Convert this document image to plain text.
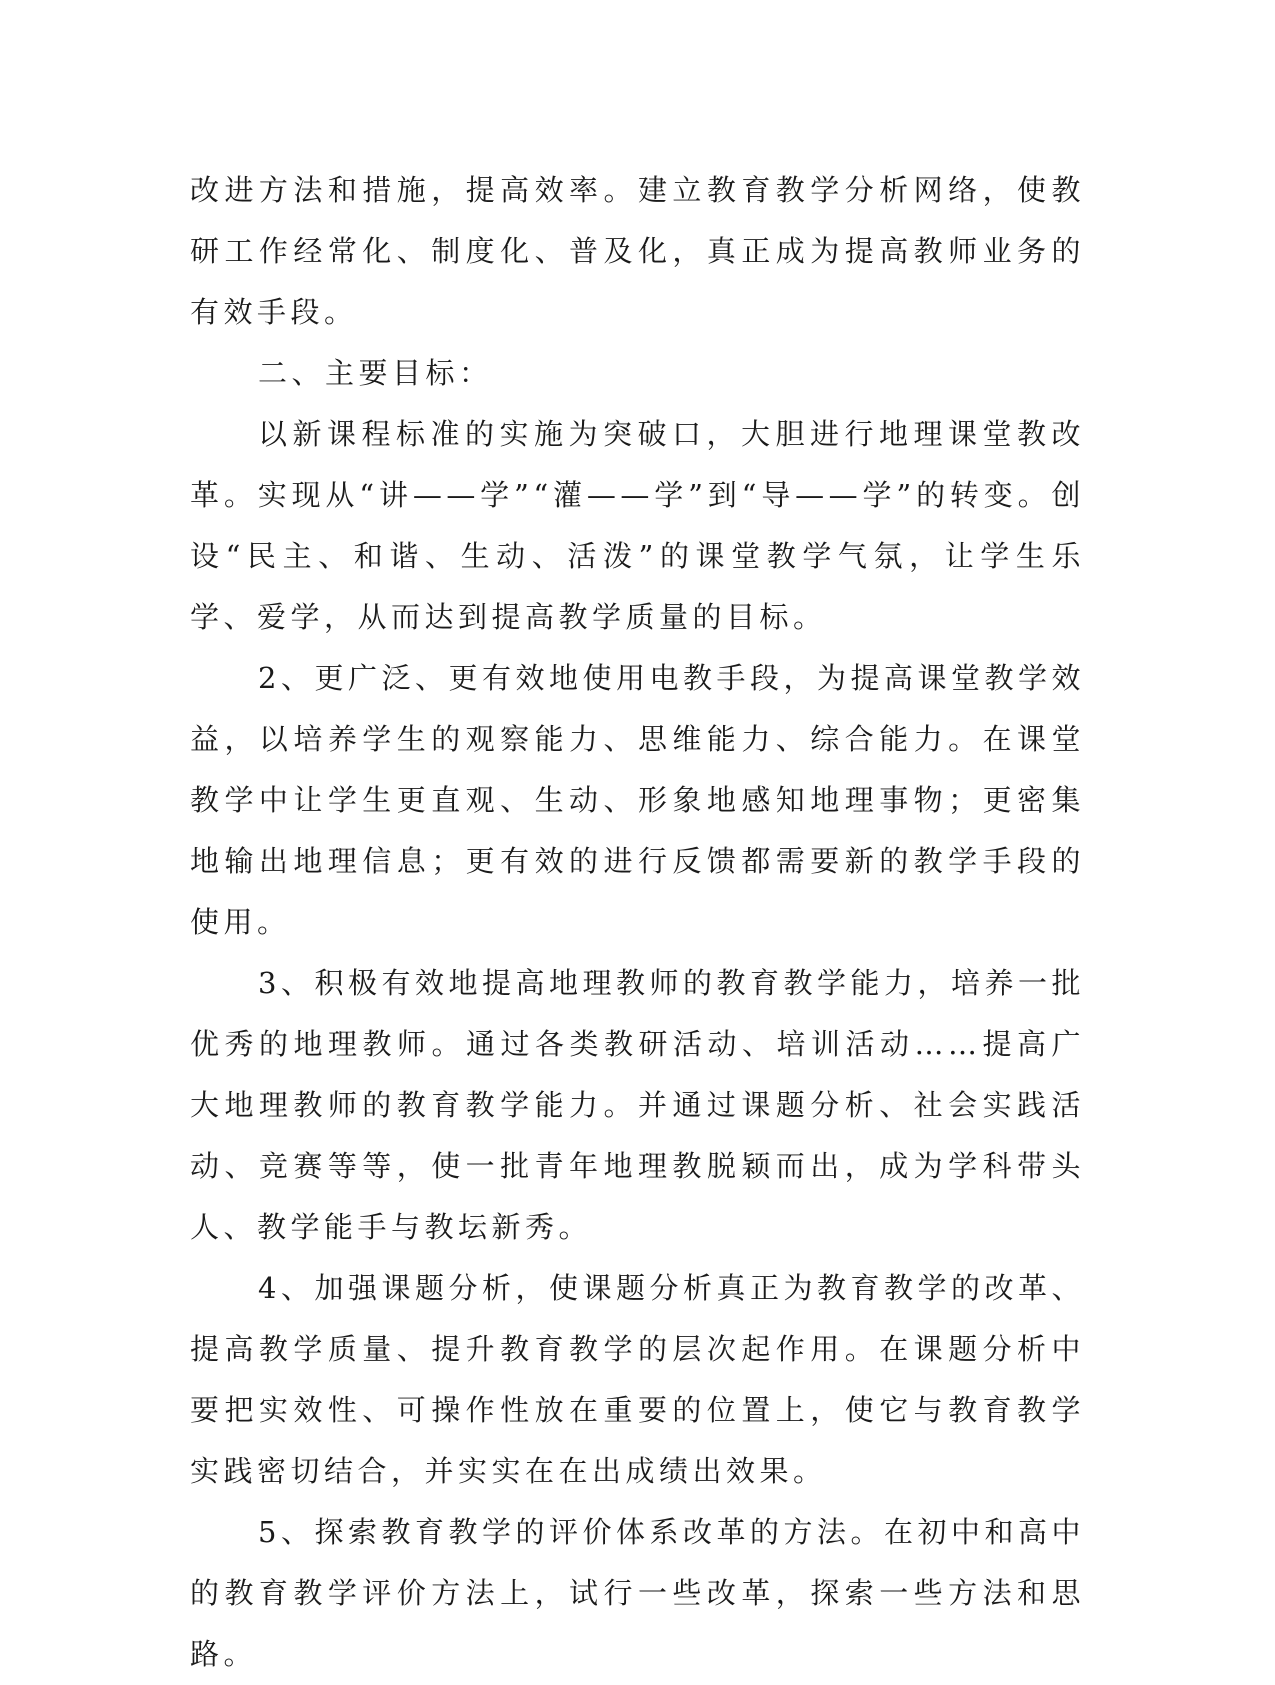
改进方法和措施，提高效率。建立教育教学分析网络，使教研工作经常化、制度化、普及化，真正成为提高教师业务的有效手段。

二、主要目标：

以新课程标准的实施为突破口，大胆进行地理课堂教改革。实现从“讲——学”“灌——学”到“导——学”的转变。创设“民主、和谐、生动、活泼”的课堂教学气氛，让学生乐学、爱学，从而达到提高教学质量的目标。

2、更广泛、更有效地使用电教手段，为提高课堂教学效益，以培养学生的观察能力、思维能力、综合能力。在课堂教学中让学生更直观、生动、形象地感知地理事物；更密集地输出地理信息；更有效的进行反馈都需要新的教学手段的使用。

3、积极有效地提高地理教师的教育教学能力，培养一批优秀的地理教师。通过各类教研活动、培训活动……提高广大地理教师的教育教学能力。并通过课题分析、社会实践活动、竞赛等等，使一批青年地理教脱颖而出，成为学科带头人、教学能手与教坛新秀。

4、加强课题分析，使课题分析真正为教育教学的改革、提高教学质量、提升教育教学的层次起作用。在课题分析中要把实效性、可操作性放在重要的位置上，使它与教育教学实践密切结合，并实实在在出成绩出效果。

5、探索教育教学的评价体系改革的方法。在初中和高中的教育教学评价方法上，试行一些改革，探索一些方法和思路。
